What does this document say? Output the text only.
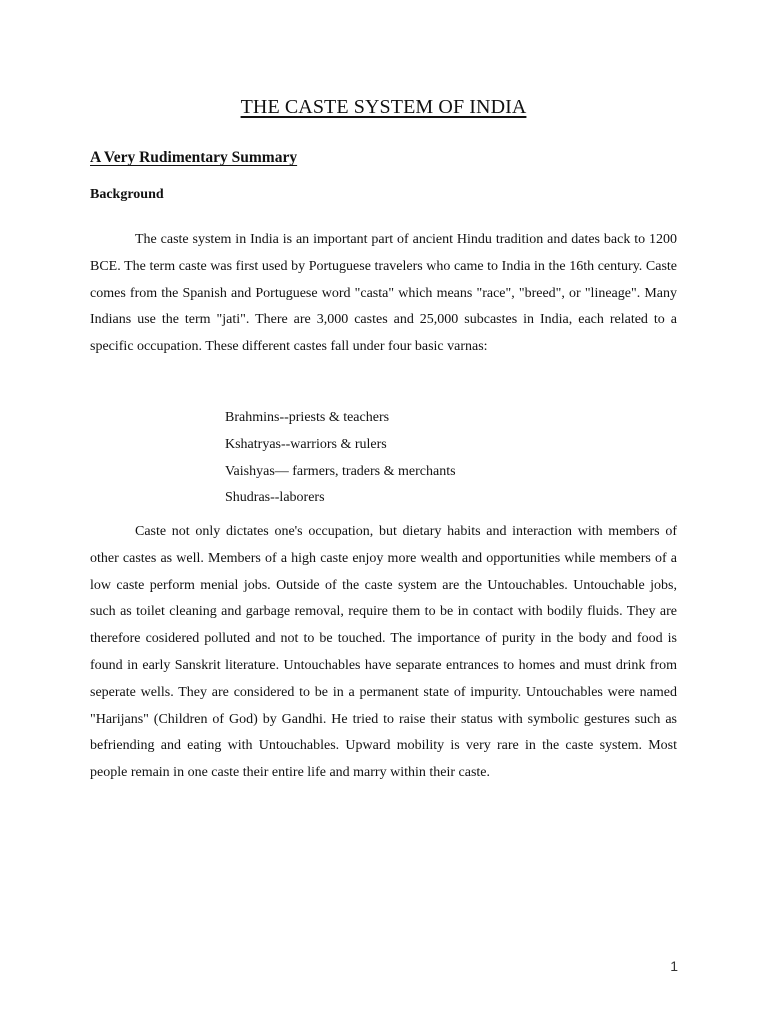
THE CASTE SYSTEM OF INDIA
A Very Rudimentary Summary
Background

The caste system in India is an important part of ancient Hindu tradition and dates back to 1200 BCE. The term caste was first used by Portuguese travelers who came to India in the 16th century. Caste comes from the Spanish and Portuguese word "casta" which means "race", "breed", or "lineage". Many Indians use the term "jati". There are 3,000 castes and 25,000 subcastes in India, each related to a specific occupation. These different castes fall under four basic varnas:

Brahmins--priests & teachers
Kshatryas--warriors & rulers
Vaishyas— farmers, traders & merchants
Shudras--laborers

Caste not only dictates one's occupation, but dietary habits and interaction with members of other castes as well. Members of a high caste enjoy more wealth and opportunities while members of a low caste perform menial jobs. Outside of the caste system are the Untouchables. Untouchable jobs, such as toilet cleaning and garbage removal, require them to be in contact with bodily fluids. They are therefore cosidered polluted and not to be touched. The importance of purity in the body and food is found in early Sanskrit literature. Untouchables have separate entrances to homes and must drink from seperate wells. They are considered to be in a permanent state of impurity. Untouchables were named "Harijans" (Children of God) by Gandhi. He tried to raise their status with symbolic gestures such as befriending and eating with Untouchables. Upward mobility is very rare in the caste system. Most people remain in one caste their entire life and marry within their caste.

1
